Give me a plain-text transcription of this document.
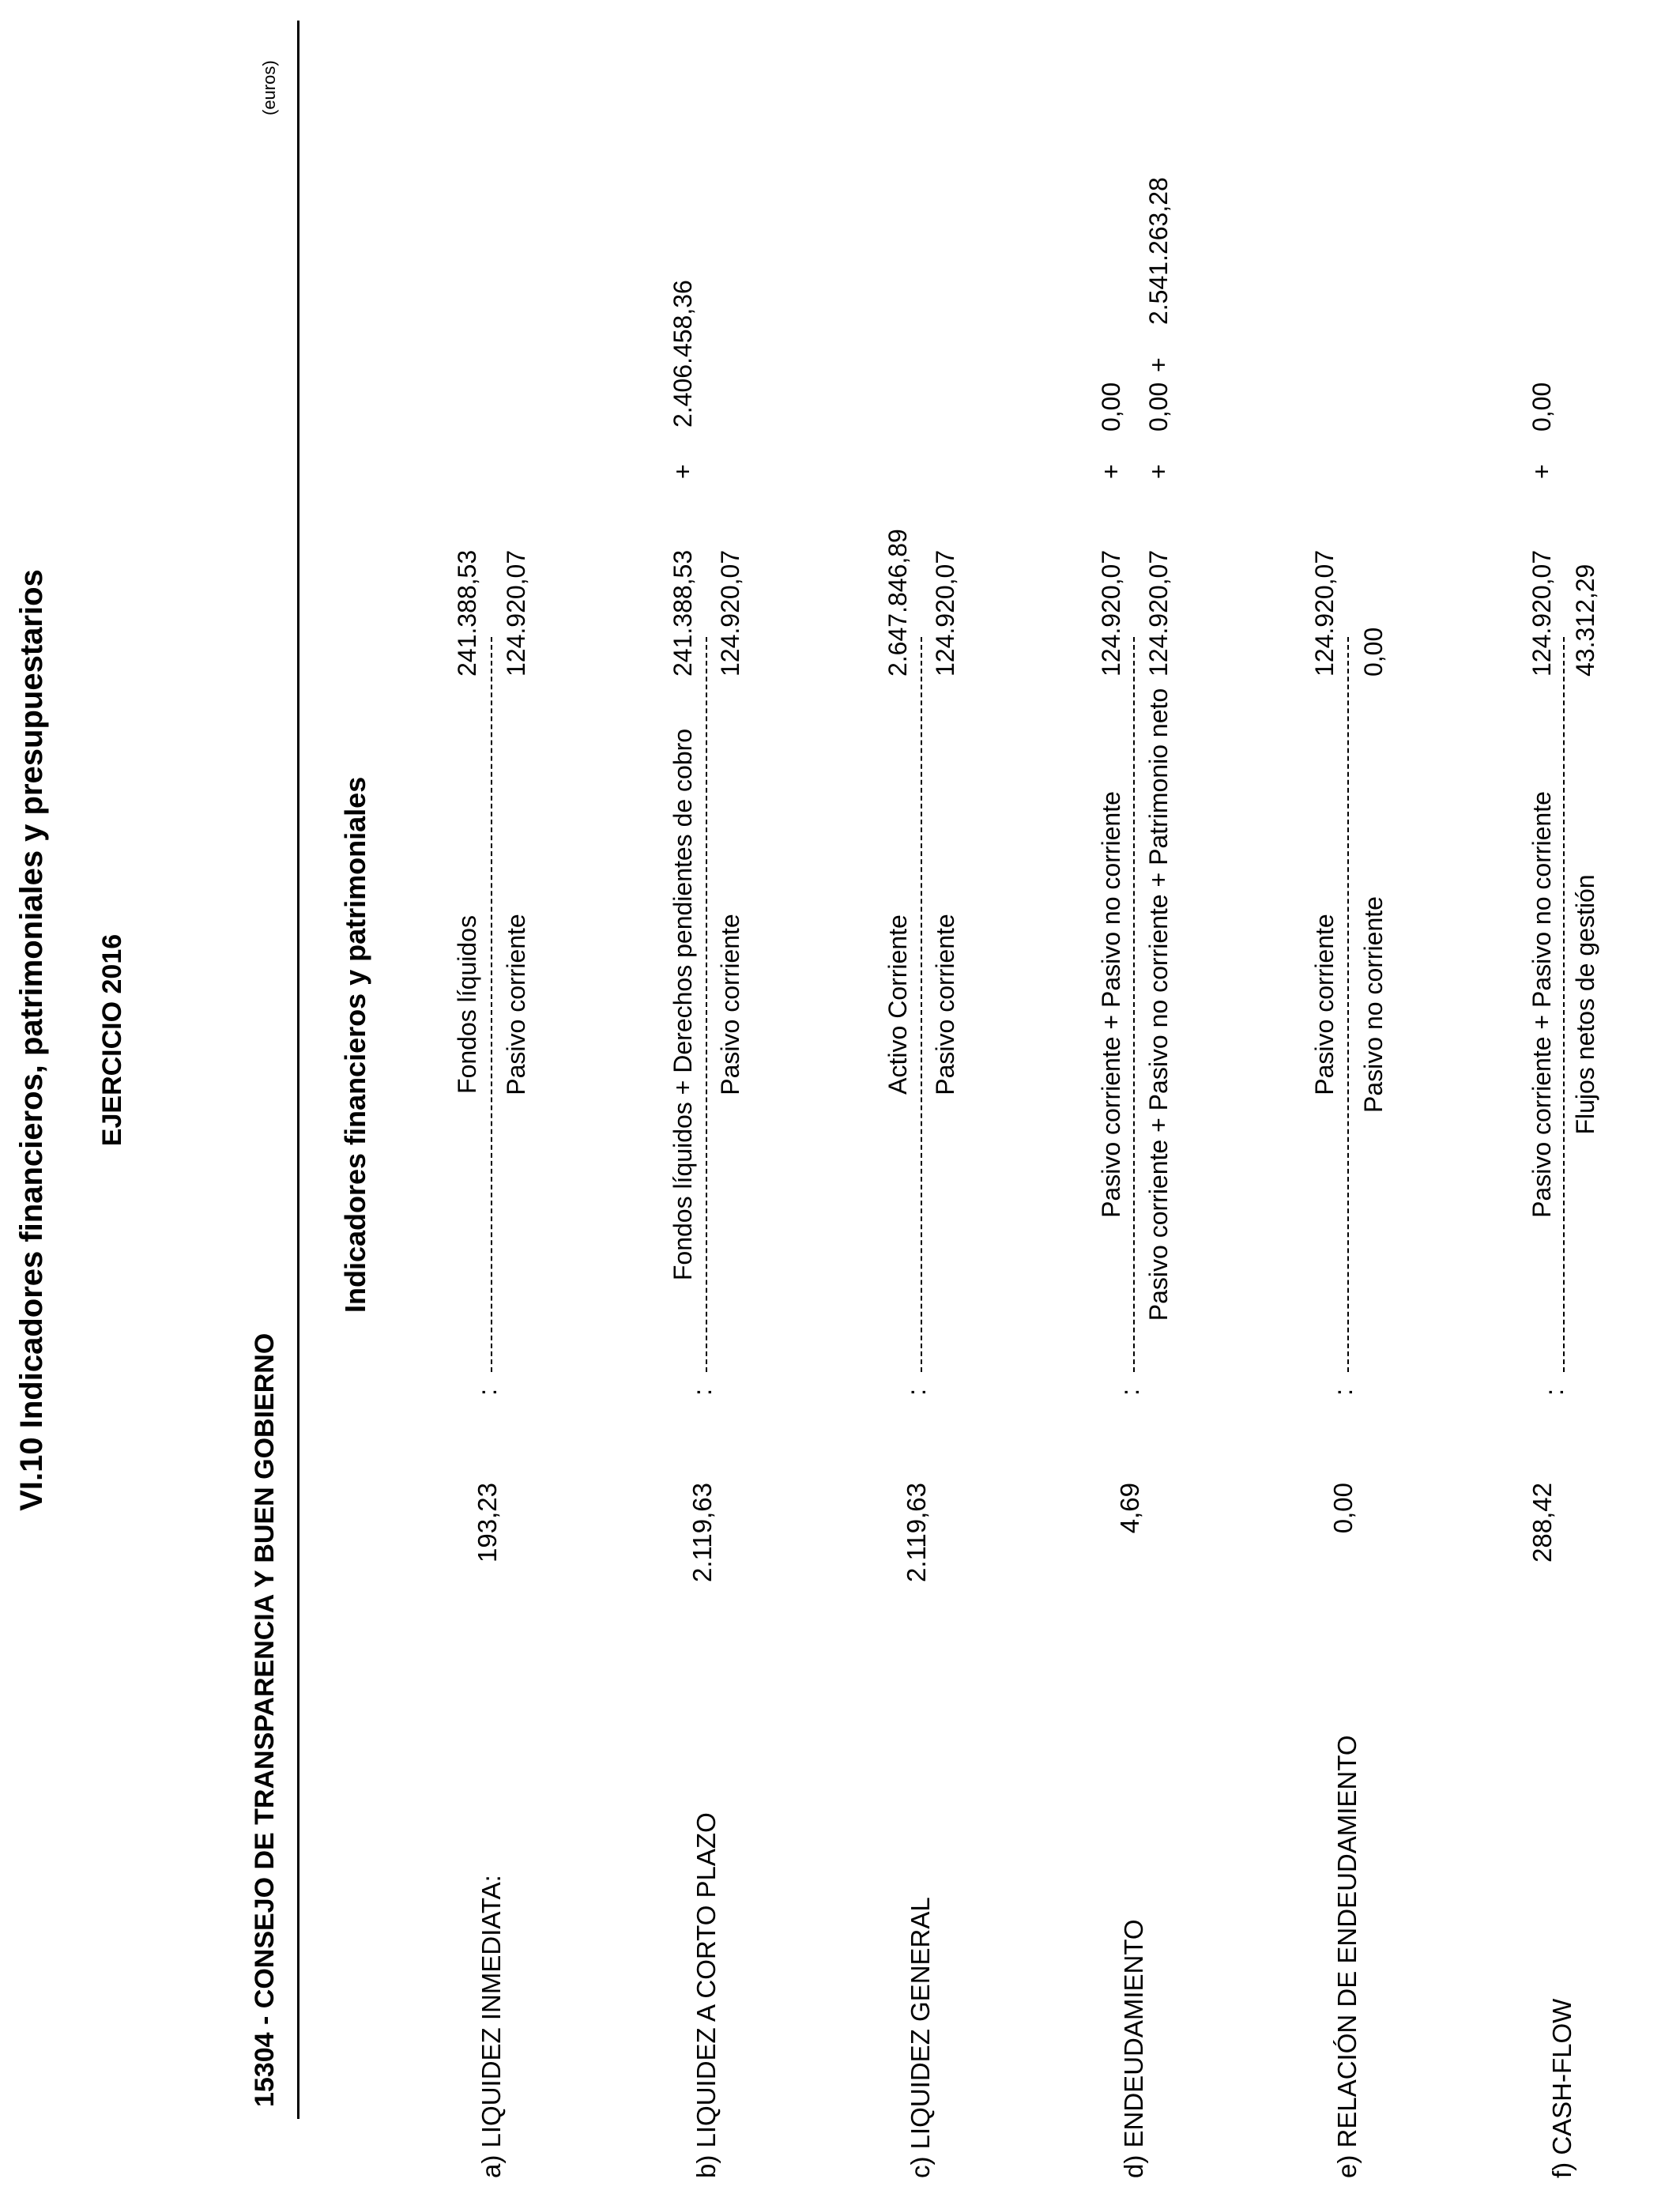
VI.10 Indicadores financieros, patrimoniales y presupuestarios EJERCICIO 2016
15304 - CONSEJO DE TRANSPARENCIA Y BUEN GOBIERNO
(euros)
Indicadores financieros y patrimoniales
a) LIQUIDEZ INMEDIATA:
193,23
:
Fondos líquidos Pasivo corriente
241.388,53 124.920,07
b) LIQUIDEZ A CORTO PLAZO
2.119,63
:
Fondos líquidos + Derechos pendientes de cobro Pasivo corriente
241.388,53
+
2.406.458,36
124.920,07
c) LIQUIDEZ GENERAL
2.119,63
:
Activo Corriente Pasivo corriente
2.647.846,89 124.920,07
d) ENDEUDAMIENTO
4,69
:
Pasivo corriente + Pasivo no corriente Pasivo corriente + Pasivo no corriente + Patrimonio neto
124.920,07
+
0,00
124.920,07
+
0,00
+
2.541.263,28
e) RELACIÓN DE ENDEUDAMIENTO
0,00
:
Pasivo corriente Pasivo no corriente
124.920,07 0,00
f) CASH-FLOW
288,42
:
Pasivo corriente + Pasivo no corriente Flujos netos de gestión
124.920,07
+
0,00
43.312,29
